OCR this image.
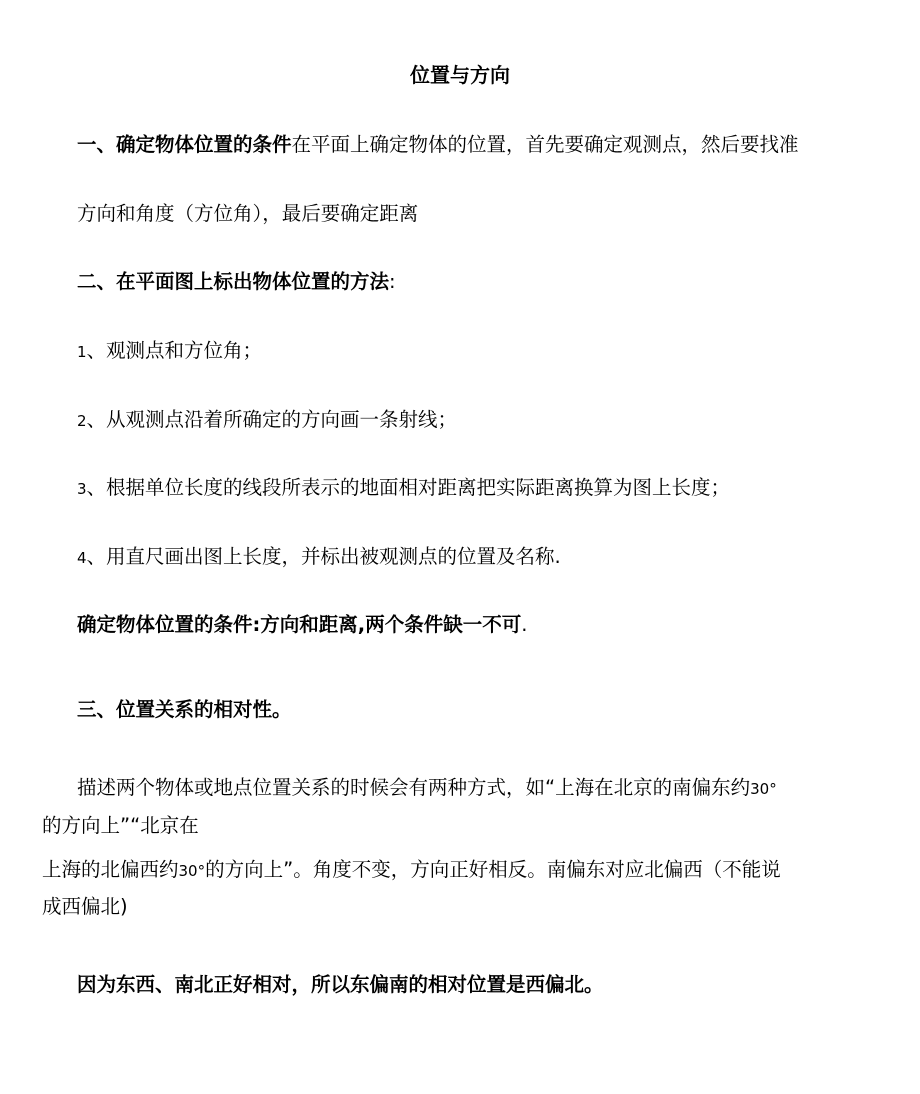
位置与方向
一、确定物体位置的条件在平面上确定物体的位置，首先要确定观测点，然后要找准
方向和角度（方位角），最后要确定距离
二、在平面图上标出物体位置的方法:
1、观测点和方位角；
2、从观测点沿着所确定的方向画一条射线；
3、根据单位长度的线段所表示的地面相对距离把实际距离换算为图上长度；
4、用直尺画出图上长度，并标出被观测点的位置及名称.
确定物体位置的条件:方向和距离,两个条件缺一不可.
三、位置关系的相对性。
描述两个物体或地点位置关系的时候会有两种方式，如“上海在北京的南偏东约30°
的方向上”“北京在
上海的北偏西约30°的方向上”。角度不变，方向正好相反。南偏东对应北偏西（不能说
成西偏北)
因为东西、南北正好相对，所以东偏南的相对位置是西偏北。
